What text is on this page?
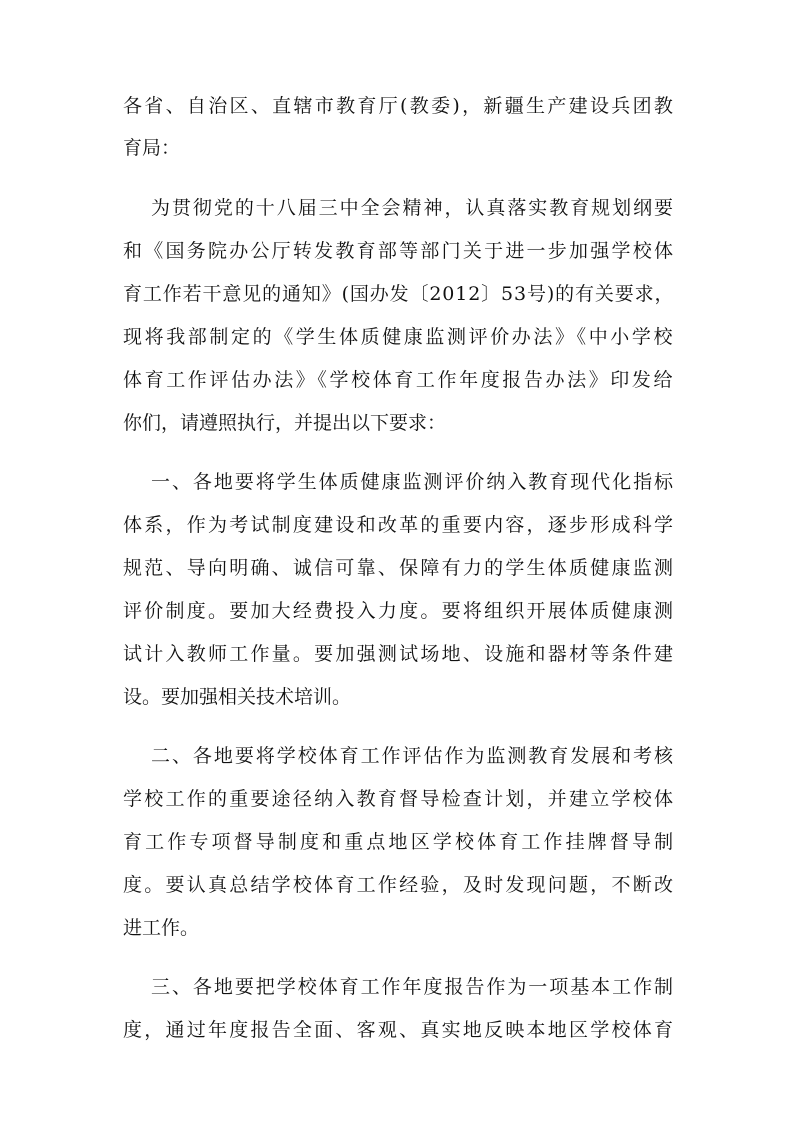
各省、自治区、直辖市教育厅(教委)，新疆生产建设兵团教
育局：
为贯彻党的十八届三中全会精神，认真落实教育规划纲要
和《国务院办公厅转发教育部等部门关于进一步加强学校体
育工作若干意见的通知》(国办发〔2012〕53号)的有关要求，
现将我部制定的《学生体质健康监测评价办法》《中小学校
体育工作评估办法》《学校体育工作年度报告办法》印发给
你们，请遵照执行，并提出以下要求：
一、各地要将学生体质健康监测评价纳入教育现代化指标
体系，作为考试制度建设和改革的重要内容，逐步形成科学
规范、导向明确、诚信可靠、保障有力的学生体质健康监测
评价制度。要加大经费投入力度。要将组织开展体质健康测
试计入教师工作量。要加强测试场地、设施和器材等条件建
设。要加强相关技术培训。
二、各地要将学校体育工作评估作为监测教育发展和考核
学校工作的重要途径纳入教育督导检查计划，并建立学校体
育工作专项督导制度和重点地区学校体育工作挂牌督导制
度。要认真总结学校体育工作经验，及时发现问题，不断改
进工作。
三、各地要把学校体育工作年度报告作为一项基本工作制
度，通过年度报告全面、客观、真实地反映本地区学校体育
